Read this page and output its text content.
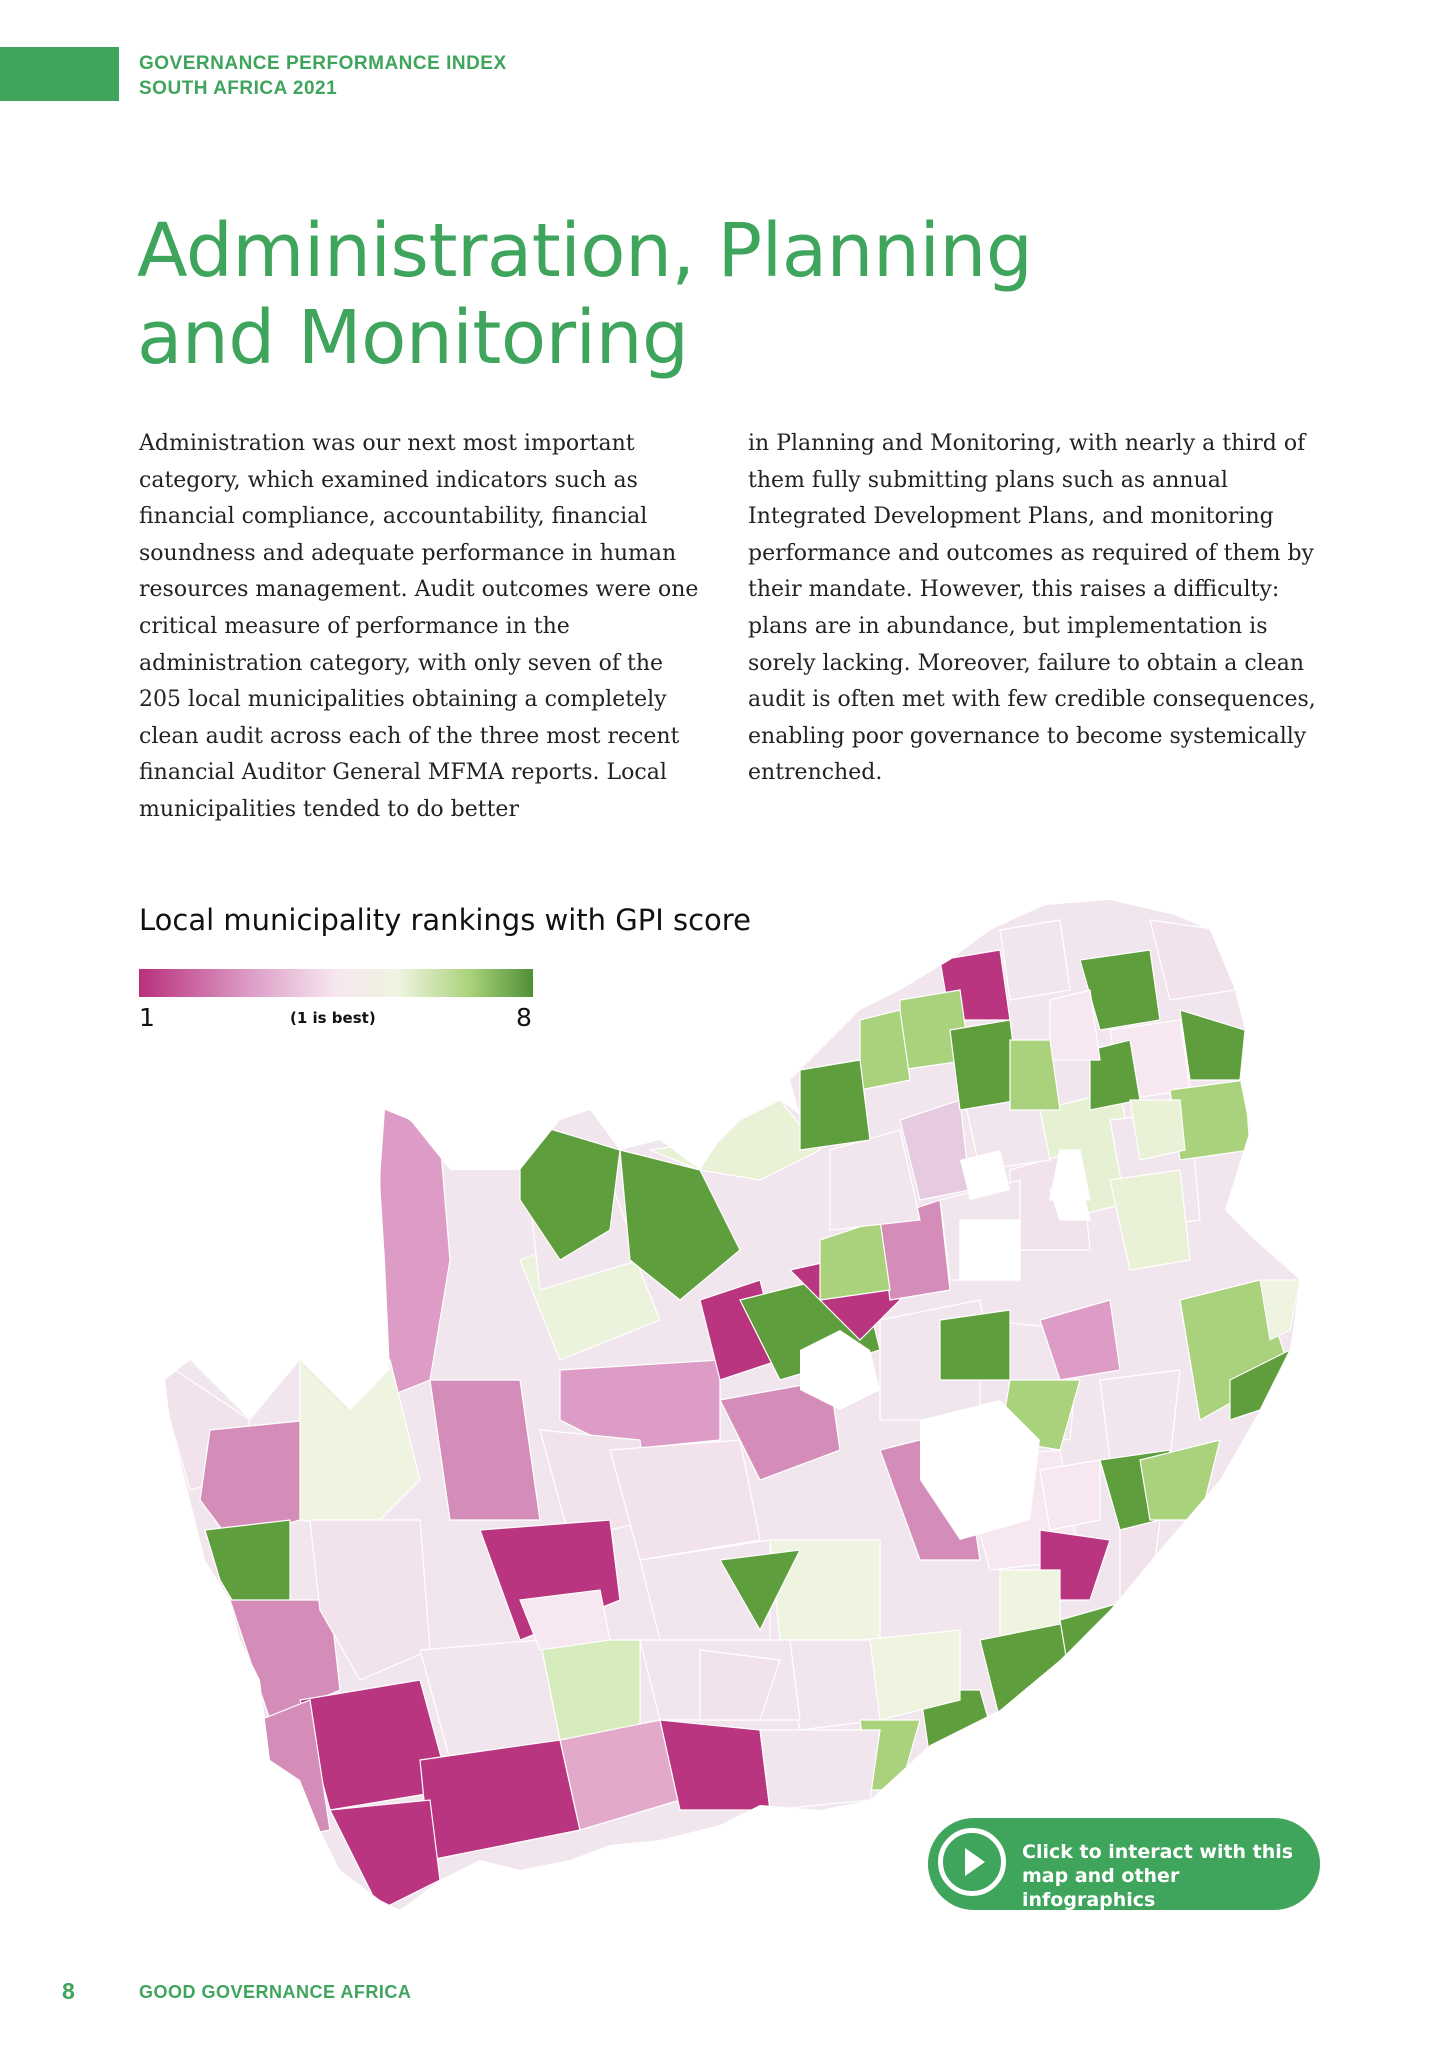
GOVERNANCE PERFORMANCE INDEX
SOUTH AFRICA 2021
Administration, Planning
and Monitoring

Administration was our next most important category, which examined indicators such as financial compliance, accountability, financial soundness and adequate performance in human resources management. Audit outcomes were one critical measure of performance in the administration category, with only seven of the 205 local municipalities obtaining a completely clean audit across each of the three most recent financial Auditor General MFMA reports. Local municipalities tended to do better

in Planning and Monitoring, with nearly a third of them fully submitting plans such as annual Integrated Development Plans, and monitoring performance and outcomes as required of them by their mandate. However, this raises a difficulty: plans are in abundance, but implementation is sorely lacking. Moreover, failure to obtain a clean audit is often met with few credible consequences, enabling poor governance to become systemically entrenched.

Local municipality rankings with GPI score
1	(1 is best)	8
Click to interact with this map and other infographics
8	GOOD GOVERNANCE AFRICA
